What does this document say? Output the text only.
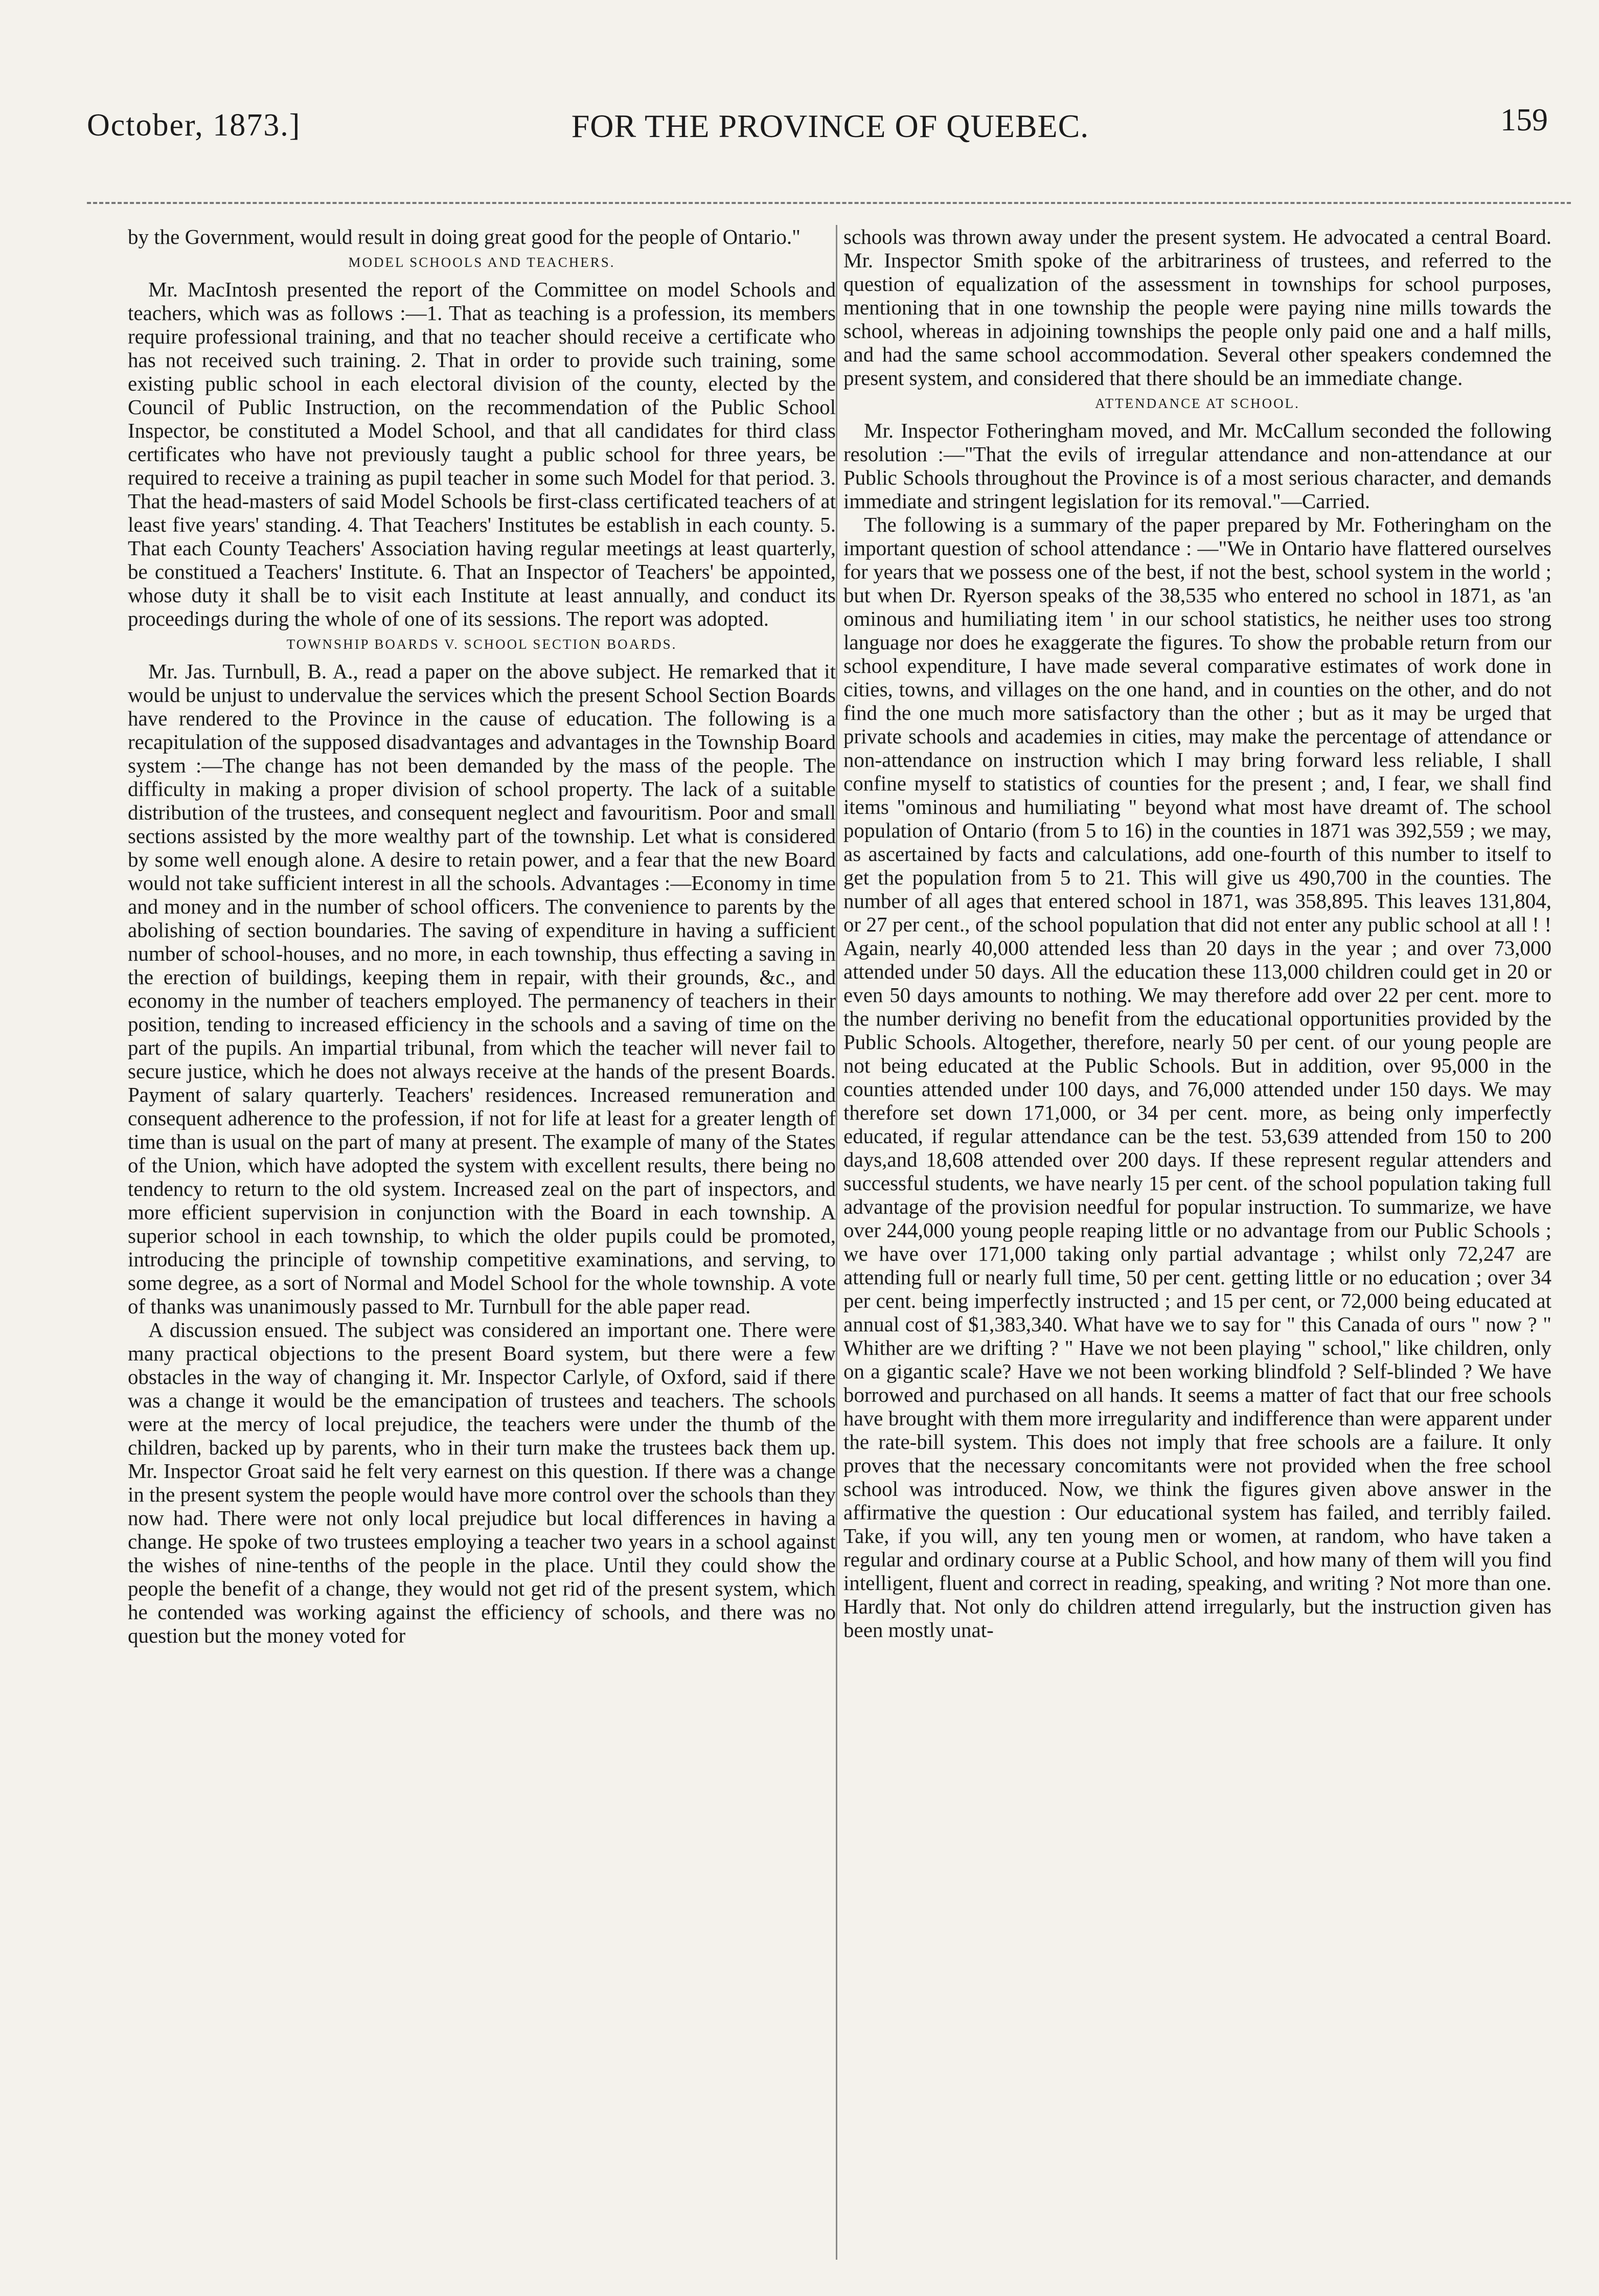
October, 1873.]	FOR THE PROVINCE OF QUEBEC.	159

by the Government, would result in doing great good for the people of Ontario."

MODEL SCHOOLS AND TEACHERS.

Mr. MacIntosh presented the report of the Committee on model Schools and teachers, which was as follows :—1. That as teaching is a profession, its members require professional training, and that no teacher should receive a certificate who has not received such training. 2. That in order to provide such training, some existing public school in each electoral division of the county, elected by the Council of Public Instruction, on the recommendation of the Public School Inspector, be constituted a Model School, and that all candidates for third class certificates who have not previously taught a public school for three years, be required to receive a training as pupil teacher in some such Model for that period. 3. That the head-masters of said Model Schools be first-class certificated teachers of at least five years' standing. 4. That Teachers' Institutes be establish in each county. 5. That each County Teachers' Association having regular meetings at least quarterly, be constitued a Teachers' Institute. 6. That an Inspector of Teachers' be appointed, whose duty it shall be to visit each Institute at least annually, and conduct its proceedings during the whole of one of its sessions. The report was adopted.

TOWNSHIP BOARDS V. SCHOOL SECTION BOARDS.

Mr. Jas. Turnbull, B. A., read a paper on the above subject. He remarked that it would be unjust to undervalue the services which the present School Section Boards have rendered to the Province in the cause of education. The following is a recapitulation of the supposed disadvantages and advantages in the Township Board system :—The change has not been demanded by the mass of the people. The difficulty in making a proper division of school property. The lack of a suitable distribution of the trustees, and consequent neglect and favouritism. Poor and small sections assisted by the more wealthy part of the township. Let what is considered by some well enough alone. A desire to retain power, and a fear that the new Board would not take sufficient interest in all the schools. Advantages :—Economy in time and money and in the number of school officers. The convenience to parents by the abolishing of section boundaries. The saving of expenditure in having a sufficient number of school-houses, and no more, in each township, thus effecting a saving in the erection of buildings, keeping them in repair, with their grounds, &c., and economy in the number of teachers employed. The permanency of teachers in their position, tending to increased efficiency in the schools and a saving of time on the part of the pupils. An impartial tribunal, from which the teacher will never fail to secure justice, which he does not always receive at the hands of the present Boards. Payment of salary quarterly. Teachers' residences. Increased remuneration and consequent adherence to the profession, if not for life at least for a greater length of time than is usual on the part of many at present. The example of many of the States of the Union, which have adopted the system with excellent results, there being no tendency to return to the old system. Increased zeal on the part of inspectors, and more efficient supervision in conjunction with the Board in each township. A superior school in each township, to which the older pupils could be promoted, introducing the principle of township competitive examinations, and serving, to some degree, as a sort of Normal and Model School for the whole township. A vote of thanks was unanimously passed to Mr. Turnbull for the able paper read.

A discussion ensued. The subject was considered an important one. There were many practical objections to the present Board system, but there were a few obstacles in the way of changing it. Mr. Inspector Carlyle, of Oxford, said if there was a change it would be the emancipation of trustees and teachers. The schools were at the mercy of local prejudice, the teachers were under the thumb of the children, backed up by parents, who in their turn make the trustees back them up. Mr. Inspector Groat said he felt very earnest on this question. If there was a change in the present system the people would have more control over the schools than they now had. There were not only local prejudice but local differences in having a change. He spoke of two trustees employing a teacher two years in a school against the wishes of nine-tenths of the people in the place. Until they could show the people the benefit of a change, they would not get rid of the present system, which he contended was working against the efficiency of schools, and there was no question but the money voted for

schools was thrown away under the present system. He advocated a central Board. Mr. Inspector Smith spoke of the arbitrariness of trustees, and referred to the question of equalization of the assessment in townships for school purposes, mentioning that in one township the people were paying nine mills towards the school, whereas in adjoining townships the people only paid one and a half mills, and had the same school accommodation. Several other speakers condemned the present system, and considered that there should be an immediate change.

ATTENDANCE AT SCHOOL.

Mr. Inspector Fotheringham moved, and Mr. McCallum seconded the following resolution :—"That the evils of irregular attendance and non-attendance at our Public Schools throughout the Province is of a most serious character, and demands immediate and stringent legislation for its removal."—Carried.

The following is a summary of the paper prepared by Mr. Fotheringham on the important question of school attendance : —"We in Ontario have flattered ourselves for years that we possess one of the best, if not the best, school system in the world ; but when Dr. Ryerson speaks of the 38,535 who entered no school in 1871, as 'an ominous and humiliating item ' in our school statistics, he neither uses too strong language nor does he exaggerate the figures. To show the probable return from our school expenditure, I have made several comparative estimates of work done in cities, towns, and villages on the one hand, and in counties on the other, and do not find the one much more satisfactory than the other ; but as it may be urged that private schools and academies in cities, may make the percentage of attendance or non-attendance on instruction which I may bring forward less reliable, I shall confine myself to statistics of counties for the present ; and, I fear, we shall find items "ominous and humiliating " beyond what most have dreamt of. The school population of Ontario (from 5 to 16) in the counties in 1871 was 392,559 ; we may, as ascertained by facts and calculations, add one-fourth of this number to itself to get the population from 5 to 21. This will give us 490,700 in the counties. The number of all ages that entered school in 1871, was 358,895. This leaves 131,804, or 27 per cent., of the school population that did not enter any public school at all ! ! Again, nearly 40,000 attended less than 20 days in the year ; and over 73,000 attended under 50 days. All the education these 113,000 children could get in 20 or even 50 days amounts to nothing. We may therefore add over 22 per cent. more to the number deriving no benefit from the educational opportunities provided by the Public Schools. Altogether, therefore, nearly 50 per cent. of our young people are not being educated at the Public Schools. But in addition, over 95,000 in the counties attended under 100 days, and 76,000 attended under 150 days. We may therefore set down 171,000, or 34 per cent. more, as being only imperfectly educated, if regular attendance can be the test. 53,639 attended from 150 to 200 days,and 18,608 attended over 200 days. If these represent regular attenders and successful students, we have nearly 15 per cent. of the school population taking full advantage of the provision needful for popular instruction. To summarize, we have over 244,000 young people reaping little or no advantage from our Public Schools ; we have over 171,000 taking only partial advantage ; whilst only 72,247 are attending full or nearly full time, 50 per cent. getting little or no education ; over 34 per cent. being imperfectly instructed ; and 15 per cent, or 72,000 being educated at annual cost of $1,383,340. What have we to say for " this Canada of ours " now ? " Whither are we drifting ? " Have we not been playing " school," like children, only on a gigantic scale? Have we not been working blindfold ? Self-blinded ? We have borrowed and purchased on all hands. It seems a matter of fact that our free schools have brought with them more irregularity and indifference than were apparent under the rate-bill system. This does not imply that free schools are a failure. It only proves that the necessary concomitants were not provided when the free school school was introduced. Now, we think the figures given above answer in the affirmative the question : Our educational system has failed, and terribly failed. Take, if you will, any ten young men or women, at random, who have taken a regular and ordinary course at a Public School, and how many of them will you find intelligent, fluent and correct in reading, speaking, and writing ? Not more than one. Hardly that. Not only do children attend irregularly, but the instruction given has been mostly unat-
